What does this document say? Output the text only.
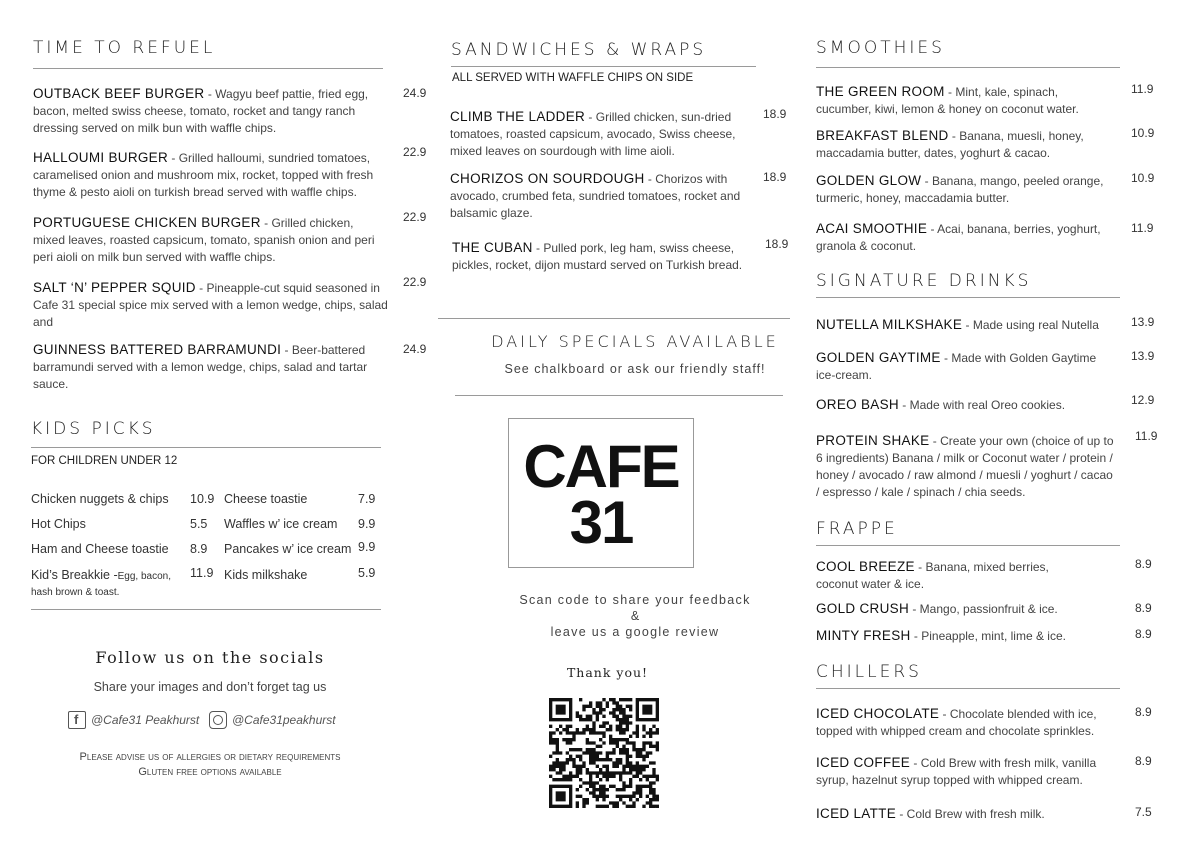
TIME TO REFUEL
OUTBACK BEEF BURGER - Wagyu beef pattie, fried egg, bacon, melted swiss cheese, tomato, rocket and tangy ranch dressing served on milk bun with waffle chips.
24.9
HALLOUMI BURGER - Grilled halloumi, sundried tomatoes, caramelised onion and mushroom mix, rocket, topped with fresh thyme & pesto aioli on turkish bread served with waffle chips.
22.9
PORTUGUESE CHICKEN BURGER - Grilled chicken, mixed leaves, roasted capsicum, tomato, spanish onion and peri peri aioli on milk bun served with waffle chips.
22.9
SALT ‘N’ PEPPER SQUID - Pineapple-cut squid seasoned in Cafe 31 special spice mix served with a lemon wedge, chips, salad and
22.9
GUINNESS BATTERED BARRAMUNDI - Beer-battered barramundi served with a lemon wedge, chips, salad and tartar sauce.
24.9
KIDS PICKS
FOR CHILDREN UNDER 12
Chicken nuggets & chips 10.9
Hot Chips	5.5
Ham and Cheese toastie 8.9
Kid’s Breakkie -Egg, bacon, hash brown & toast.
11.9
Cheese toastie	7.9
Waffles w’ ice cream 9.9
Pancakes w’ ice cream 9.9
Kids milkshake	5.9
Follow us on the socials
Share your images and don’t forget tag us
f @Cafe31 Peakhurst	@Cafe31peakhurst
Please advise us of allergies or dietary requirements
Gluten free options available
SANDWICHES & WRAPS
ALL SERVED WITH WAFFLE CHIPS ON SIDE
CLIMB THE LADDER - Grilled chicken, sun-dried tomatoes, roasted capsicum, avocado, Swiss cheese, mixed leaves on sourdough with lime aioli.
18.9
CHORIZOS ON SOURDOUGH - Chorizos with avocado, crumbed feta, sundried tomatoes, rocket and balsamic glaze.
18.9
THE CUBAN - Pulled pork, leg ham, swiss cheese, pickles, rocket, dijon mustard served on Turkish bread.
18.9
DAILY SPECIALS AVAILABLE
See chalkboard or ask our friendly staff!
CAFE
31
Scan code to share your feedback
&
leave us a google review
Thank you!
SMOOTHIES
THE GREEN ROOM - Mint, kale, spinach, cucumber, kiwi, lemon & honey on coconut water.
11.9
BREAKFAST BLEND - Banana, muesli, honey, maccadamia butter, dates, yoghurt & cacao.
10.9
GOLDEN GLOW - Banana, mango, peeled orange, turmeric, honey, maccadamia butter.
10.9
ACAI SMOOTHIE - Acai, banana, berries, yoghurt, granola & coconut.
11.9
SIGNATURE DRINKS
NUTELLA MILKSHAKE - Made using real Nutella	13.9
GOLDEN GAYTIME - Made with Golden Gaytime ice-cream.
13.9
OREO BASH - Made with real Oreo cookies.	12.9
PROTEIN SHAKE - Create your own (choice of up to 6 ingredients) Banana / milk or Coconut water / protein / honey / avocado / raw almond / muesli / yoghurt / cacao / espresso / kale / spinach / chia seeds.
11.9
FRAPPE
COOL BREEZE - Banana, mixed berries, coconut water & ice.
8.9
GOLD CRUSH - Mango, passionfruit & ice.	8.9
MINTY FRESH - Pineapple, mint, lime & ice.	8.9
CHILLERS
ICED CHOCOLATE - Chocolate blended with ice, topped with whipped cream and chocolate sprinkles.
8.9
ICED COFFEE - Cold Brew with fresh milk, vanilla syrup, hazelnut syrup topped with whipped cream.
8.9
ICED LATTE - Cold Brew with fresh milk.	7.5
